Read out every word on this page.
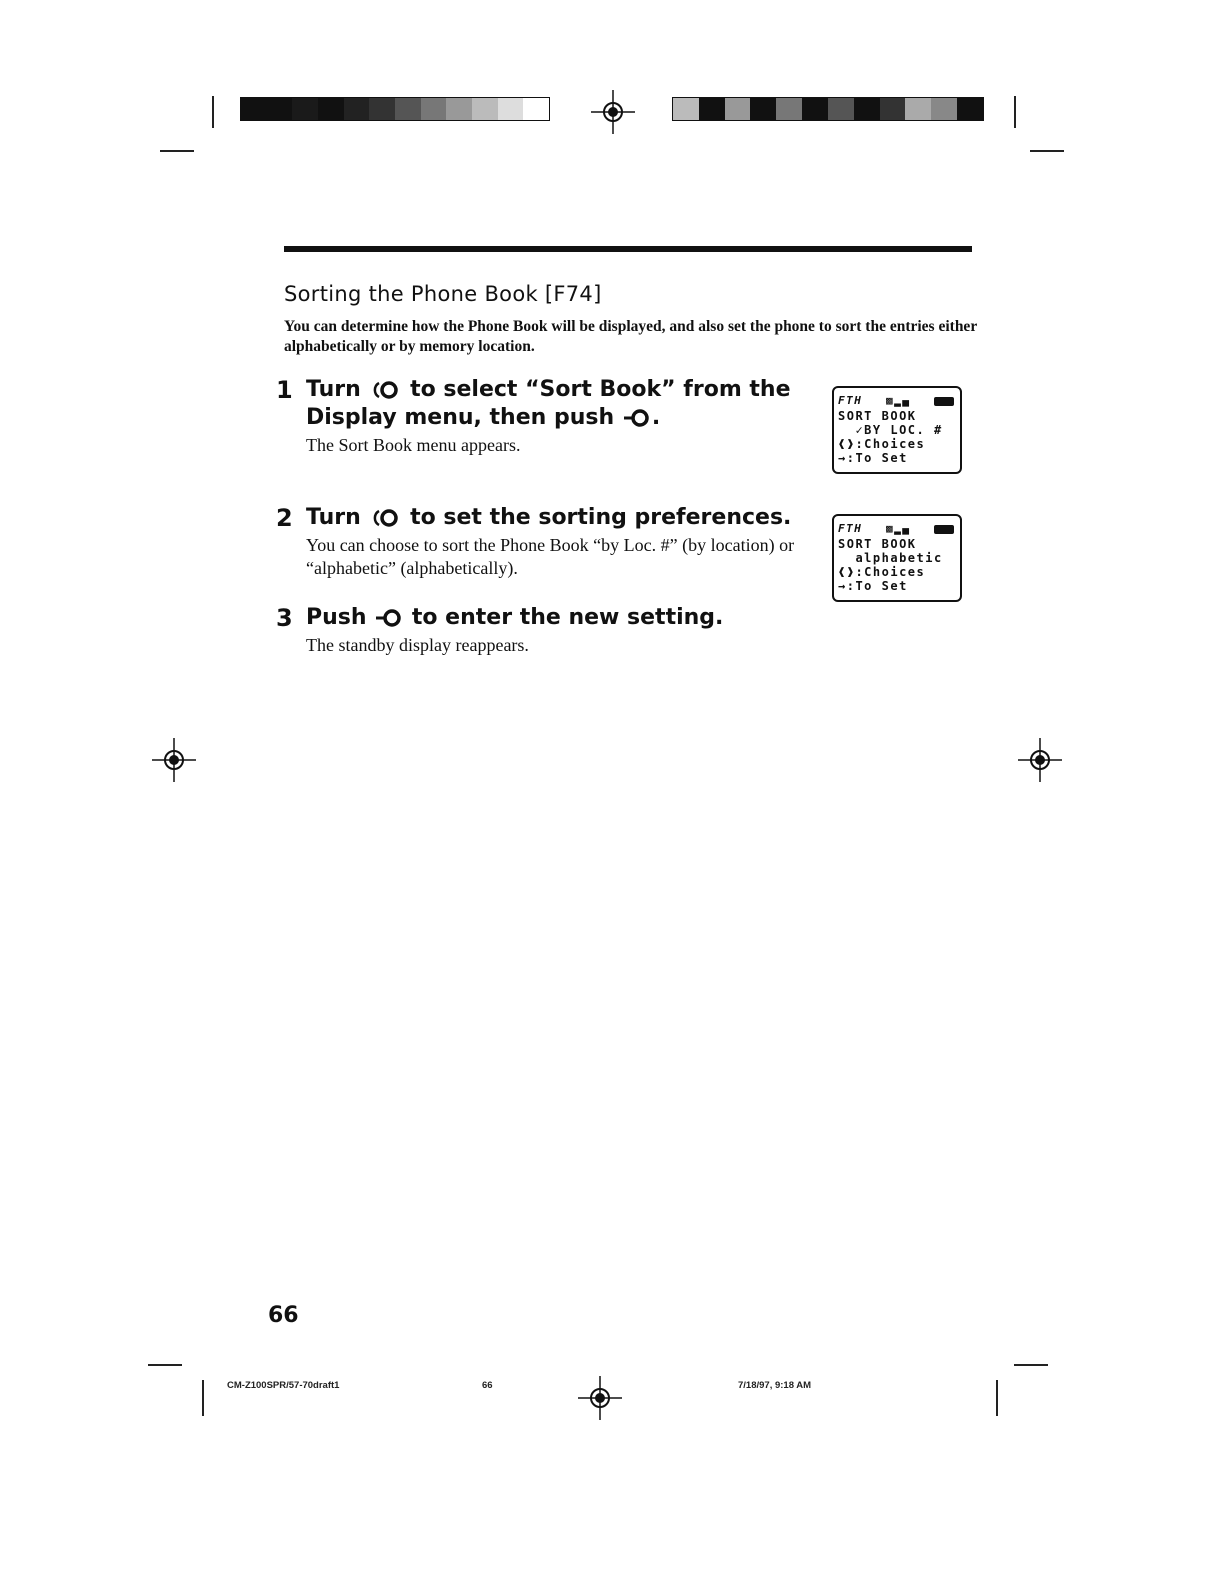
Sorting the Phone Book [F74]
You can determine how the Phone Book will be displayed, and also set the phone to sort the entries either alphabetically or by memory location.
1 Turn to select “Sort Book” from the
Display menu, then push .
The Sort Book menu appears.
2 Turn to set the sorting preferences.
You can choose to sort the Phone Book “by Loc. #” (by location) or “alphabetic” (alphabetically).
3 Push to enter the new setting.
The standby display reappears.
FTH ▩▂▄
SORT BOOK
✓BY LOC. #
❰❱:Choices
→:To Set
FTH ▩▂▄
SORT BOOK
alphabetic
❰❱:Choices
→:To Set
66
CM-Z100SPR/57-70draft1	66	7/18/97, 9:18 AM
